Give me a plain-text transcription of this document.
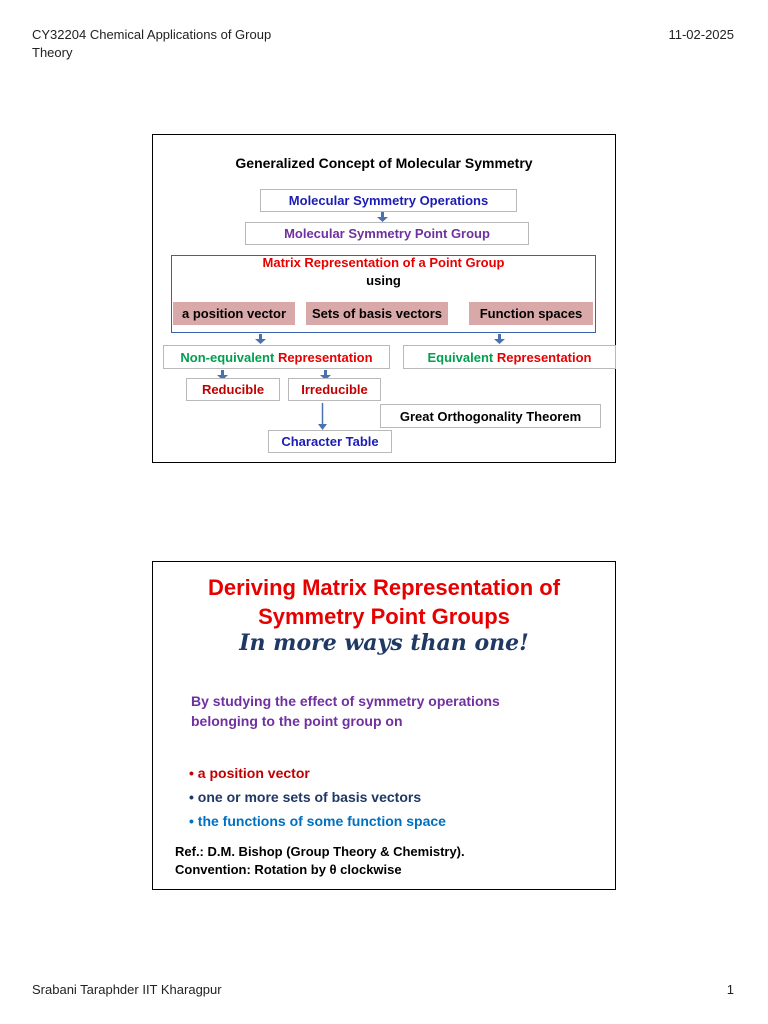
CY32204 Chemical Applications of Group
Theory
11-02-2025
Generalized Concept of Molecular Symmetry
Molecular Symmetry Operations
Molecular Symmetry Point Group
Matrix Representation of a Point Group
using
a position vector	Sets of basis vectors	Function spaces
Non-equivalent
Representation	Equivalent
Representation
Reducible	Irreducible
Great Orthogonality Theorem
Character Table
Deriving Matrix Representation of
Symmetry Point Groups
In more ways than one!
By studying the effect of symmetry operations
belonging to the point group on
• a position vector
• one or more sets of basis vectors
• the functions of some function space
Ref.: D.M. Bishop (Group Theory & Chemistry).
Convention: Rotation by θ clockwise
Srabani Taraphder IIT Kharagpur	1
